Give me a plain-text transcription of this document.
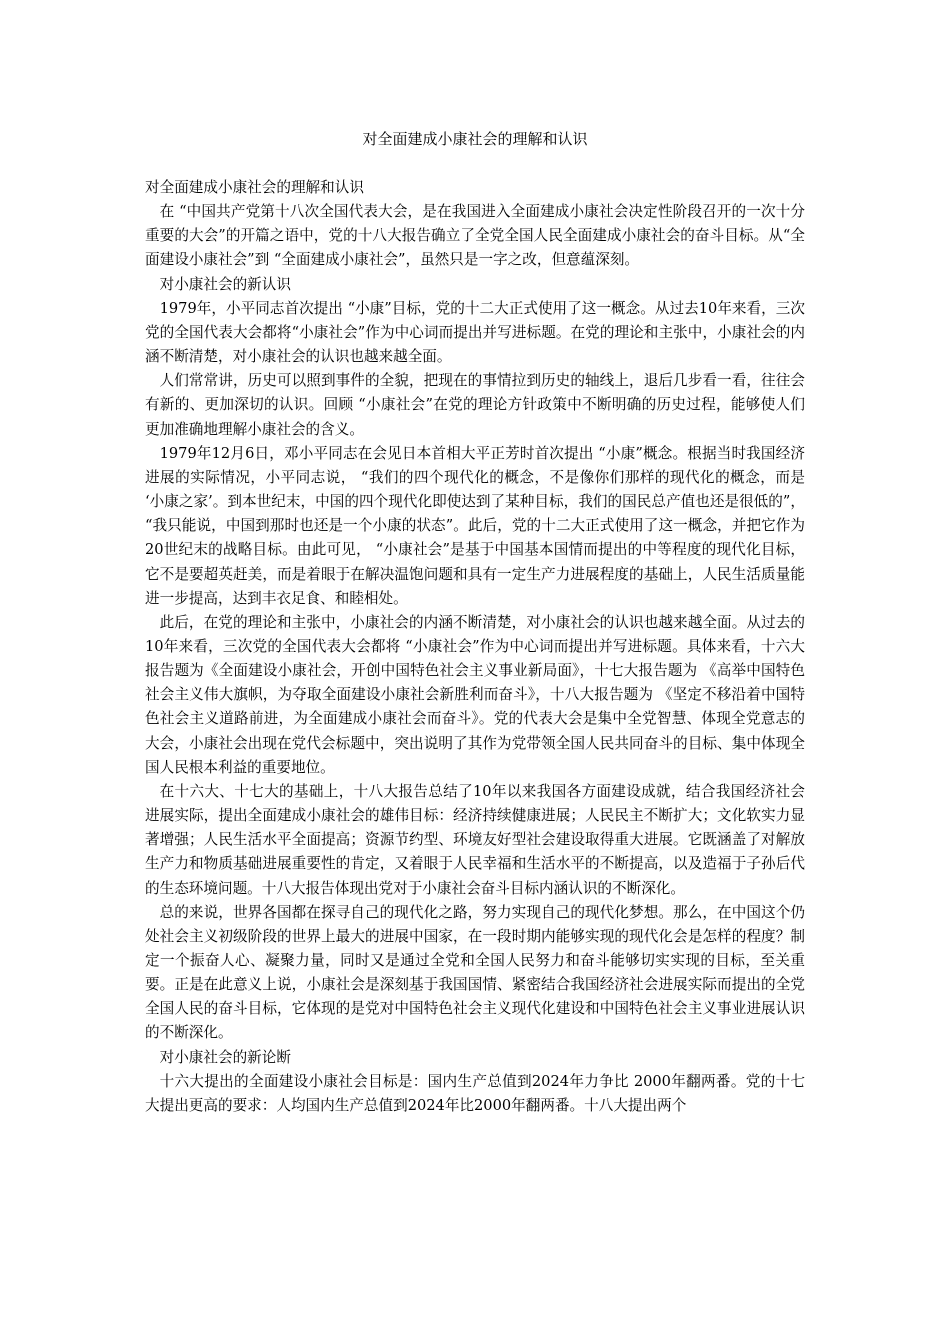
对全面建成小康社会的理解和认识

对全面建成小康社会的理解和认识

在 “中国共产党第十八次全国代表大会，是在我国进入全面建成小康社会决定性阶段召开的一次十分重要的大会”的开篇之语中，党的十八大报告确立了全党全国人民全面建成小康社会的奋斗目标。从“全面建设小康社会”到 “全面建成小康社会”，虽然只是一字之改，但意蕴深刻。

对小康社会的新认识

1979年，小平同志首次提出 “小康”目标，党的十二大正式使用了这一概念。从过去10年来看，三次党的全国代表大会都将“小康社会”作为中心词而提出并写进标题。在党的理论和主张中，小康社会的内涵不断清楚，对小康社会的认识也越来越全面。

人们常常讲，历史可以照到事件的全貌，把现在的事情拉到历史的轴线上，退后几步看一看，往往会有新的、更加深切的认识。回顾 “小康社会”在党的理论方针政策中不断明确的历史过程，能够使人们更加准确地理解小康社会的含义。

1979年12月6日，邓小平同志在会见日本首相大平正芳时首次提出 “小康”概念。根据当时我国经济进展的实际情况，小平同志说， “我们的四个现代化的概念，不是像你们那样的现代化的概念，而是 ‘小康之家’。到本世纪末，中国的四个现代化即使达到了某种目标，我们的国民总产值也还是很低的”， “我只能说，中国到那时也还是一个小康的状态”。此后，党的十二大正式使用了这一概念，并把它作为20世纪末的战略目标。由此可见， “小康社会”是基于中国基本国情而提出的中等程度的现代化目标，它不是要超英赶美，而是着眼于在解决温饱问题和具有一定生产力进展程度的基础上，人民生活质量能进一步提高，达到丰衣足食、和睦相处。

此后，在党的理论和主张中，小康社会的内涵不断清楚，对小康社会的认识也越来越全面。从过去的 10年来看，三次党的全国代表大会都将 “小康社会”作为中心词而提出并写进标题。具体来看，十六大报告题为《全面建设小康社会，开创中国特色社会主义事业新局面》，十七大报告题为 《高举中国特色社会主义伟大旗帜，为夺取全面建设小康社会新胜利而奋斗》，十八大报告题为 《坚定不移沿着中国特色社会主义道路前进，为全面建成小康社会而奋斗》。党的代表大会是集中全党智慧、体现全党意志的大会，小康社会出现在党代会标题中，突出说明了其作为党带领全国人民共同奋斗的目标、集中体现全国人民根本利益的重要地位。

在十六大、十七大的基础上，十八大报告总结了10年以来我国各方面建设成就，结合我国经济社会进展实际，提出全面建成小康社会的雄伟目标：经济持续健康进展；人民民主不断扩大；文化软实力显著增强；人民生活水平全面提高；资源节约型、环境友好型社会建设取得重大进展。它既涵盖了对解放生产力和物质基础进展重要性的肯定，又着眼于人民幸福和生活水平的不断提高，以及造福于子孙后代的生态环境问题。十八大报告体现出党对于小康社会奋斗目标内涵认识的不断深化。

总的来说，世界各国都在探寻自己的现代化之路，努力实现自己的现代化梦想。那么，在中国这个仍处社会主义初级阶段的世界上最大的进展中国家，在一段时期内能够实现的现代化会是怎样的程度？制定一个振奋人心、凝聚力量，同时又是通过全党和全国人民努力和奋斗能够切实实现的目标，至关重要。正是在此意义上说，小康社会是深刻基于我国国情、紧密结合我国经济社会进展实际而提出的全党全国人民的奋斗目标，它体现的是党对中国特色社会主义现代化建设和中国特色社会主义事业进展认识的不断深化。

对小康社会的新论断

十六大提出的全面建设小康社会目标是：国内生产总值到2024年力争比 2000年翻两番。党的十七大提出更高的要求：人均国内生产总值到2024年比2000年翻两番。十八大提出两个
